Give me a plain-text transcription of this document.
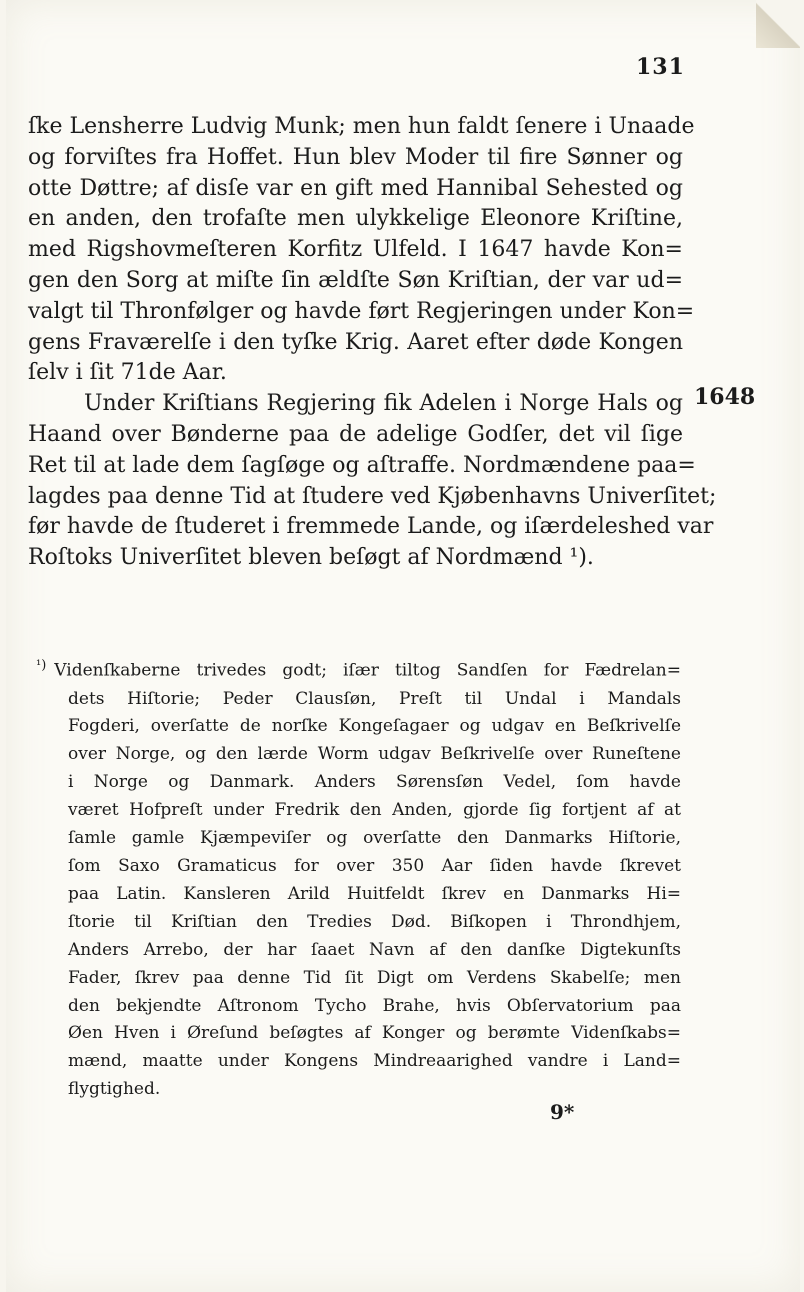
131
1648
ſke Lensherre Ludvig Munk; men hun faldt ſenere i Unaade
og forviſtes fra Hoffet. Hun blev Moder til fire Sønner og
otte Døttre; af disſe var en gift med Hannibal Sehested og
en anden, den trofaſte men ulykkelige Eleonore Kriſtine,
med Rigshovmeſteren Korfitz Ulfeld. I 1647 havde Kon=
gen den Sorg at miſte ſin ældſte Søn Kriſtian, der var ud=
valgt til Thronfølger og havde ført Regjeringen under Kon=
gens Fraværelſe i den tyſke Krig. Aaret efter døde Kongen
ſelv i ſit 71de Aar.
Under Kriſtians Regjering fik Adelen i Norge Hals og
Haand over Bønderne paa de adelige Godſer, det vil ſige
Ret til at lade dem ſagſøge og aſtraffe. Nordmændene paa=
lagdes paa denne Tid at ſtudere ved Kjøbenhavns Univerſitet;
før havde de ſtuderet i fremmede Lande, og iſærdeleshed var
Roſtoks Univerſitet bleven beſøgt af Nordmænd ¹).
$^{^1)}$ Videnſkaberne trivedes godt; iſær tiltog Sandſen for Fædrelan=
dets Hiſtorie; Peder Clausſøn, Preſt til Undal i Mandals
Fogderi, overſatte de norſke Kongeſagaer og udgav en Beſkrivelſe
over Norge, og den lærde Worm udgav Beſkrivelſe over Runeſtene
i Norge og Danmark. Anders Sørensſøn Vedel, ſom havde
været Hofpreſt under Fredrik den Anden, gjorde ſig fortjent af at
ſamle gamle Kjæmpeviſer og overſatte den Danmarks Hiſtorie,
ſom Saxo Gramaticus for over 350 Aar ſiden havde ſkrevet
paa Latin. Kansleren Arild Huitfeldt ſkrev en Danmarks Hi=
ſtorie til Kriſtian den Tredies Død. Biſkopen i Throndhjem,
Anders Arrebo, der har ſaaet Navn af den danſke Digtekunſts
Fader, ſkrev paa denne Tid ſit Digt om Verdens Skabelſe; men
den bekjendte Aſtronom Tycho Brahe, hvis Obſervatorium paa
Øen Hven i Øreſund beſøgtes af Konger og berømte Videnſkabs=
mænd, maatte under Kongens Mindreaarighed vandre i Land=
flygtighed.
9*
